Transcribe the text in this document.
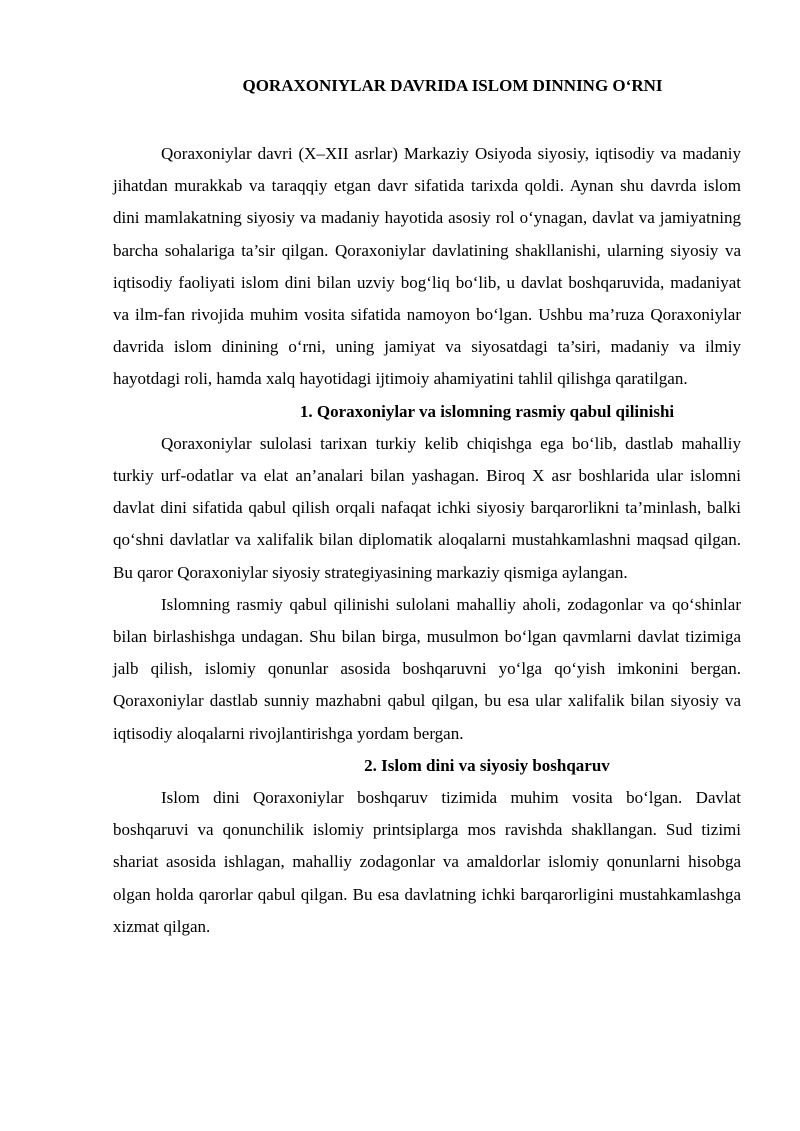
QORAXONIYLAR DAVRIDA ISLOM DINNING O‘RNI

Qoraxoniylar davri (X–XII asrlar) Markaziy Osiyoda siyosiy, iqtisodiy va madaniy jihatdan murakkab va taraqqiy etgan davr sifatida tarixda qoldi. Aynan shu davrda islom dini mamlakatning siyosiy va madaniy hayotida asosiy rol o‘ynagan, davlat va jamiyatning barcha sohalariga ta’sir qilgan. Qoraxoniylar davlatining shakllanishi, ularning siyosiy va iqtisodiy faoliyati islom dini bilan uzviy bog‘liq bo‘lib, u davlat boshqaruvida, madaniyat va ilm-fan rivojida muhim vosita sifatida namoyon bo‘lgan. Ushbu ma’ruza Qoraxoniylar davrida islom dinining o‘rni, uning jamiyat va siyosatdagi ta’siri, madaniy va ilmiy hayotdagi roli, hamda xalq hayotidagi ijtimoiy ahamiyatini tahlil qilishga qaratilgan.

1. Qoraxoniylar va islomning rasmiy qabul qilinishi

Qoraxoniylar sulolasi tarixan turkiy kelib chiqishga ega bo‘lib, dastlab mahalliy turkiy urf-odatlar va elat an’analari bilan yashagan. Biroq X asr boshlarida ular islomni davlat dini sifatida qabul qilish orqali nafaqat ichki siyosiy barqarorlikni ta’minlash, balki qo‘shni davlatlar va xalifalik bilan diplomatik aloqalarni mustahkamlashni maqsad qilgan. Bu qaror Qoraxoniylar siyosiy strategiyasining markaziy qismiga aylangan.

Islomning rasmiy qabul qilinishi sulolani mahalliy aholi, zodagonlar va qo‘shinlar bilan birlashishga undagan. Shu bilan birga, musulmon bo‘lgan qavmlarni davlat tizimiga jalb qilish, islomiy qonunlar asosida boshqaruvni yo‘lga qo‘yish imkonini bergan. Qoraxoniylar dastlab sunniy mazhabni qabul qilgan, bu esa ular xalifalik bilan siyosiy va iqtisodiy aloqalarni rivojlantirishga yordam bergan.

2. Islom dini va siyosiy boshqaruv

Islom dini Qoraxoniylar boshqaruv tizimida muhim vosita bo‘lgan. Davlat boshqaruvi va qonunchilik islomiy printsiplarga mos ravishda shakllangan. Sud tizimi shariat asosida ishlagan, mahalliy zodagonlar va amaldorlar islomiy qonunlarni hisobga olgan holda qarorlar qabul qilgan. Bu esa davlatning ichki barqarorligini mustahkamlashga xizmat qilgan.
